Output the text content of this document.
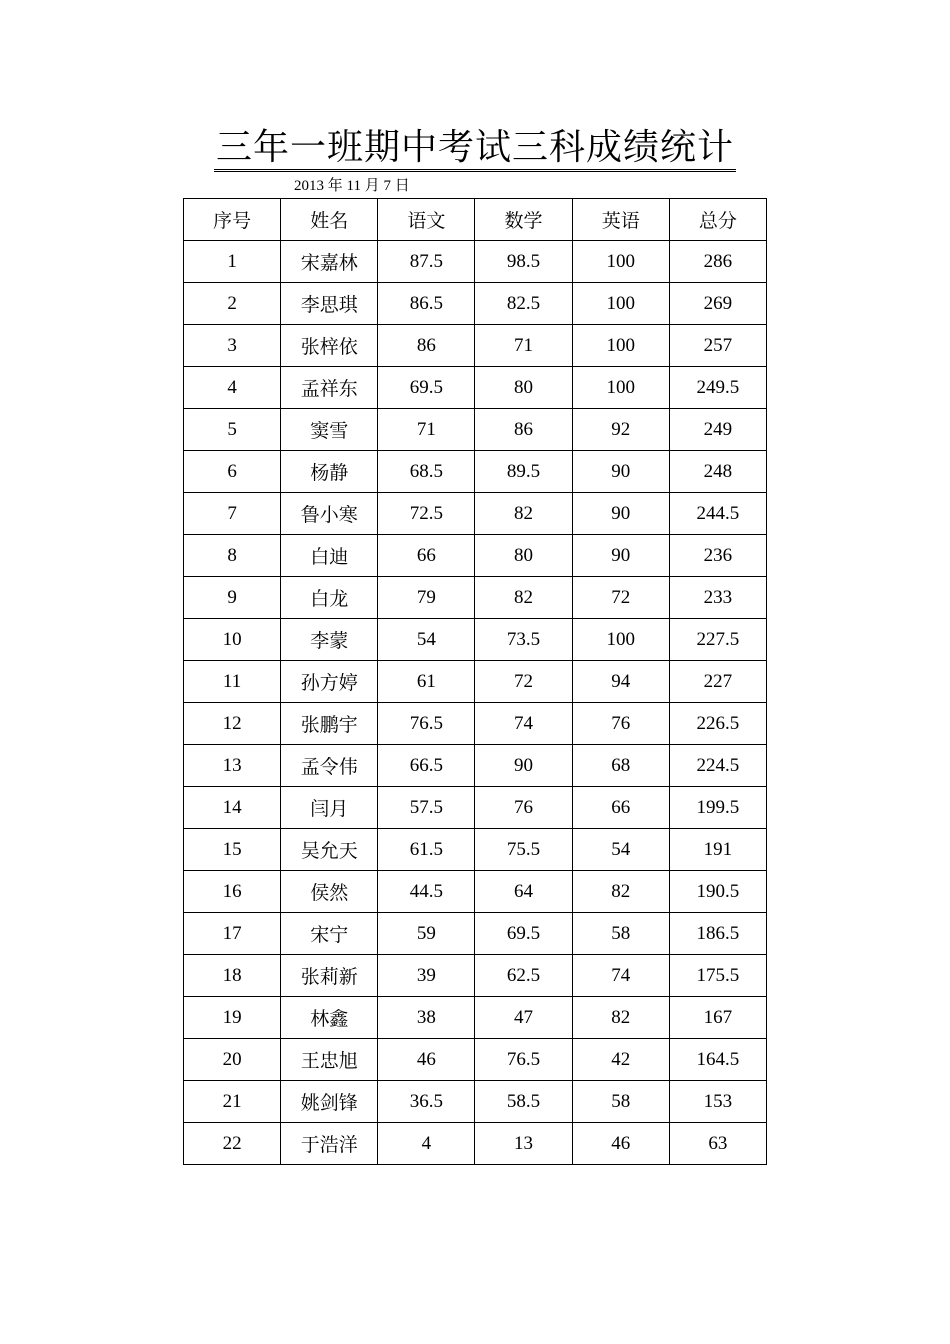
三年一班期中考试三科成绩统计
2013 年 11 月 7 日
序号	姓名	语文	数学	英语	总分
1	宋嘉林	87.5	98.5	100	286
2	李思琪	86.5	82.5	100	269
3	张梓依	86	71	100	257
4	孟祥东	69.5	80	100	249.5
5	窦雪	71	86	92	249
6	杨静	68.5	89.5	90	248
7	鲁小寒	72.5	82	90	244.5
8	白迪	66	80	90	236
9	白龙	79	82	72	233
10	李蒙	54	73.5	100	227.5
11	孙方婷	61	72	94	227
12	张鹏宇	76.5	74	76	226.5
13	孟令伟	66.5	90	68	224.5
14	闫月	57.5	76	66	199.5
15	吴允天	61.5	75.5	54	191
16	侯然	44.5	64	82	190.5
17	宋宁	59	69.5	58	186.5
18	张莉新	39	62.5	74	175.5
19	林鑫	38	47	82	167
20	王忠旭	46	76.5	42	164.5
21	姚剑锋	36.5	58.5	58	153
22	于浩洋	4	13	46	63
